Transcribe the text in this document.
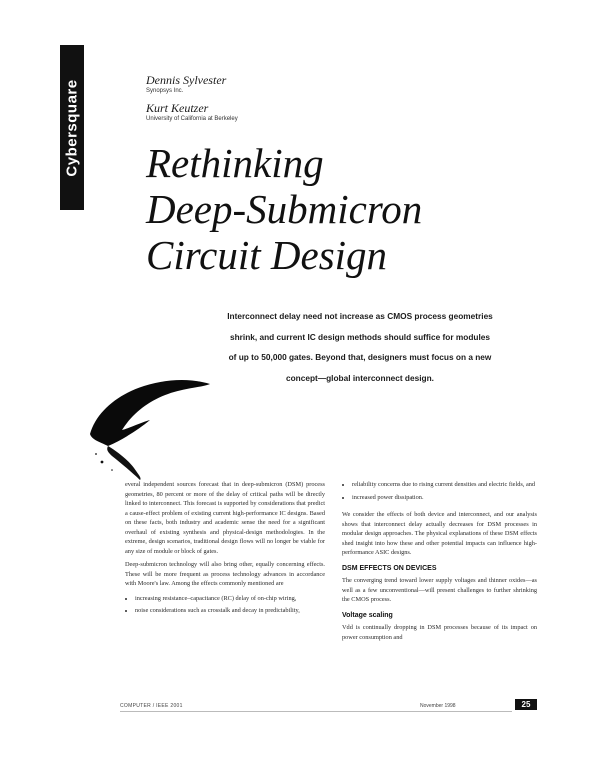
Cybersquare	Dennis Sylvester
Synopsys Inc.
Kurt Keutzer
University of California at Berkeley
Rethinking
Deep-Submicron
Circuit Design
Interconnect delay need not increase as CMOS process geometries shrink, and current IC design methods should suffice for modules of up to 50,000 gates. Beyond that, designers must focus on a new concept—global interconnect design.

everal independent sources forecast that in deep-submicron (DSM) process geometries, 80 percent or more of the delay of critical paths will be directly linked to interconnect. This forecast is supported by considerations that predict a cause-effect problem of existing current high-performance IC designs. Based on these facts, both industry and academic sense the need for a significant overhaul of existing synthesis and physical-design methodologies. In the extreme, design scenarios, traditional design flows will no longer be viable for any size of module or block of gates.

Deep-submicron technology will also bring other, equally concerning effects. These will be more frequent as process technology advances in accordance with Moore's law. Among the effects commonly mentioned are

• increasing resistance–capacitance (RC) delay of on-chip wiring,
• noise considerations such as crosstalk and decay in predictability,
• reliability concerns due to rising current densities and electric fields, and
• increased power dissipation.

We consider the effects of both device and interconnect, and our analysis shows that interconnect delay actually decreases for DSM processes in modular design approaches. The physical explanations of these DSM effects shed insight into how these and other potential impacts can influence high-performance ASIC designs.

DSM EFFECTS ON DEVICES

The converging trend toward lower supply voltages and thinner oxides—as well as a few unconventional—will present challenges to further shrinking the CMOS process.

Voltage scaling

Vdd is continually dropping in DSM processes because of its impact on power consumption and

COMPUTER / IEEE 2001	November 1998	25
